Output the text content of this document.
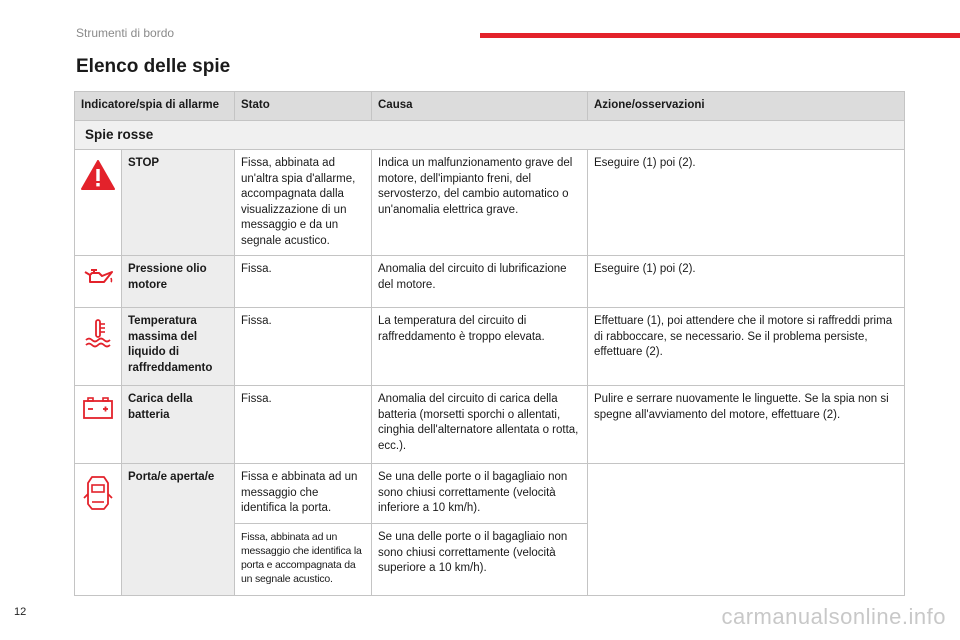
Strumenti di bordo
Elenco delle spie
Indicatore/spia di allarme		Stato	Causa	Azione/osservazioni
Spie rosse				
	STOP	Fissa, abbinata ad un'altra spia d'allarme, accompagnata dalla visualizzazione di un messaggio e da un segnale acustico.	Indica un malfunzionamento grave del motore, dell'impianto freni, del servosterzo, del cambio automatico o un'anomalia elettrica grave.	Eseguire (1) poi (2).
	Pressione olio motore	Fissa.	Anomalia del circuito di lubrificazione del motore.	Eseguire (1) poi (2).
	Temperatura massima del liquido di raffreddamento	Fissa.	La temperatura del circuito di raffreddamento è troppo elevata.	Effettuare (1), poi attendere che il motore si raffreddi prima di rabboccare, se necessario. Se il problema persiste, effettuare (2).
	Carica della batteria	Fissa.	Anomalia del circuito di carica della batteria (morsetti sporchi o allentati, cinghia dell'alternatore allentata o rotta, ecc.).	Pulire e serrare nuovamente le linguette. Se la spia non si spegne all'avviamento del motore, effettuare (2).
	Porta/e aperta/e	Fissa e abbinata ad un messaggio che identifica la porta.	Se una delle porte o il bagagliaio non sono chiusi correttamente (velocità inferiore a 10 km/h).	
		Fissa, abbinata ad un messaggio che identifica la porta e accompagnata da un segnale acustico.	Se una delle porte o il bagagliaio non sono chiusi correttamente (velocità superiore a 10 km/h).	
12	carmanualsonline.info
